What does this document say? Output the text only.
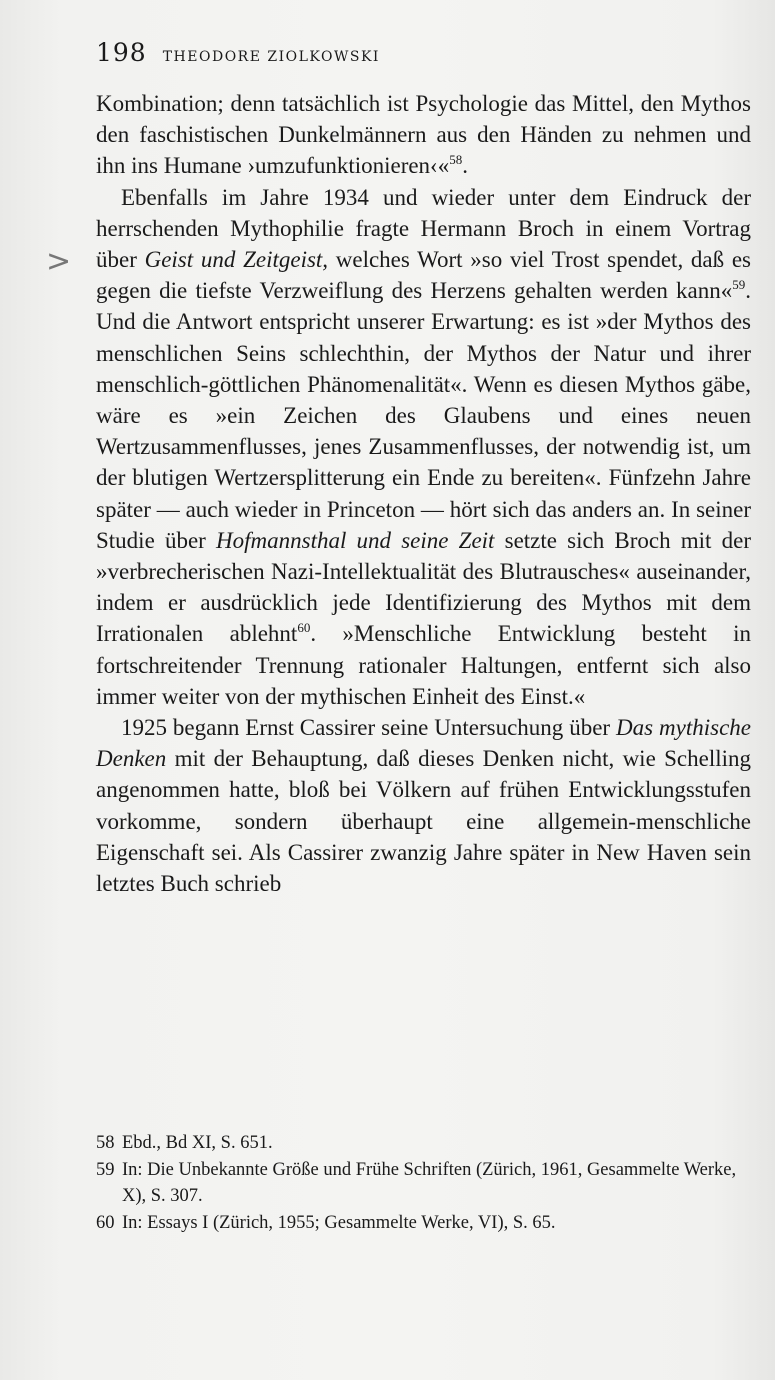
198 THEODORE ZIOLKOWSKI
>

Kombination; denn tatsächlich ist Psychologie das Mittel, den Mythos den faschistischen Dunkelmännern aus den Händen zu nehmen und ihn ins Humane ›umzufunktionieren‹«$^{58}$.

Ebenfalls im Jahre 1934 und wieder unter dem Eindruck der herrschenden Mythophilie fragte Hermann Broch in einem Vortrag über Geist und Zeitgeist, welches Wort »so viel Trost spendet, daß es gegen die tiefste Verzweiflung des Herzens gehalten werden kann«$^{59}$. Und die Antwort entspricht unserer Erwartung: es ist »der Mythos des menschlichen Seins schlechthin, der Mythos der Natur und ihrer menschlich-göttlichen Phänomenalität«. Wenn es diesen Mythos gäbe, wäre es »ein Zeichen des Glaubens und eines neuen Wertzusammenflusses, jenes Zusammenflusses, der notwendig ist, um der blutigen Wertzersplitterung ein Ende zu bereiten«. Fünfzehn Jahre später — auch wieder in Princeton — hört sich das anders an. In seiner Studie über Hofmannsthal und seine Zeit setzte sich Broch mit der »verbrecherischen Nazi-Intellektualität des Blutrausches« auseinander, indem er ausdrücklich jede Identifizierung des Mythos mit dem Irrationalen ablehnt$^{60}$. »Menschliche Entwicklung besteht in fortschreitender Trennung rationaler Haltungen, entfernt sich also immer weiter von der mythischen Einheit des Einst.«

1925 begann Ernst Cassirer seine Untersuchung über Das mythische Denken mit der Behauptung, daß dieses Denken nicht, wie Schelling angenommen hatte, bloß bei Völkern auf frühen Entwicklungsstufen vorkomme, sondern überhaupt eine allgemein-menschliche Eigenschaft sei. Als Cassirer zwanzig Jahre später in New Haven sein letztes Buch schrieb

58 Ebd., Bd XI, S. 651.
59 In: Die Unbekannte Größe und Frühe Schriften (Zürich, 1961, Gesammelte Werke, X), S. 307.
60 In: Essays I (Zürich, 1955; Gesammelte Werke, VI), S. 65.
